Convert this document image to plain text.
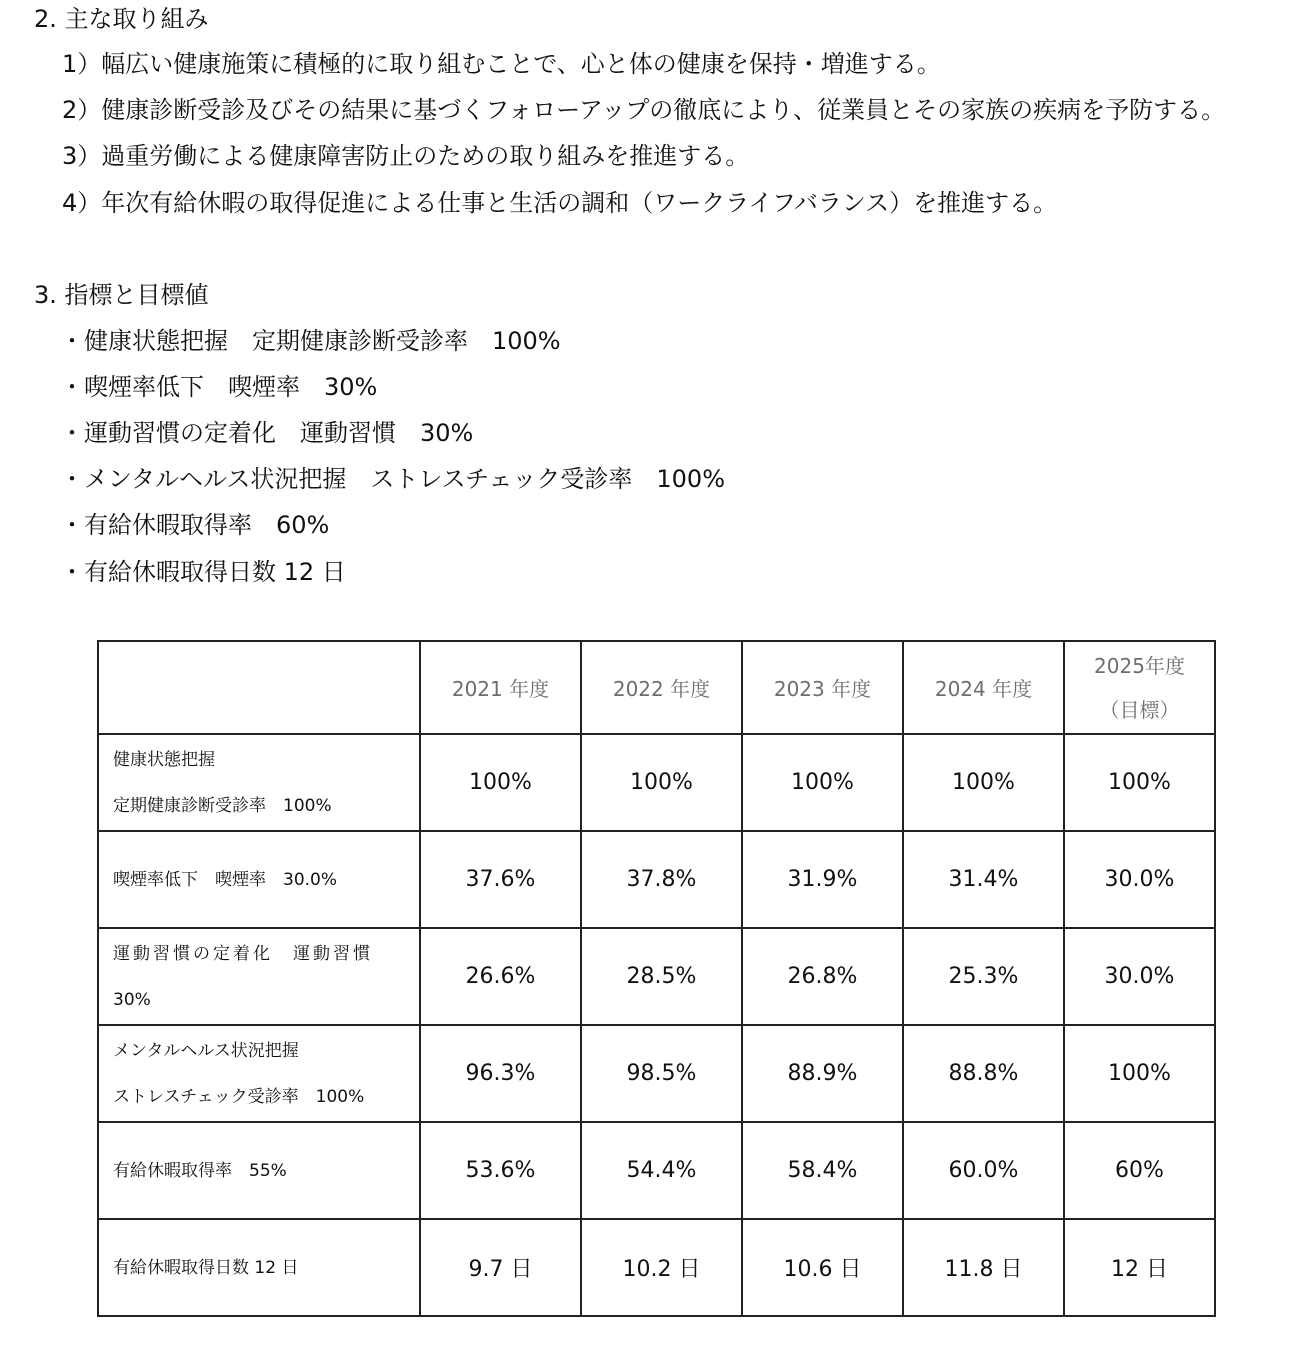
2. 主な取り組み
1）幅広い健康施策に積極的に取り組むことで、心と体の健康を保持・増進する。
2）健康診断受診及びその結果に基づくフォローアップの徹底により、従業員とその家族の疾病を予防する。
3）過重労働による健康障害防止のための取り組みを推進する。
4）年次有給休暇の取得促進による仕事と生活の調和（ワークライフバランス）を推進する。
3. 指標と目標値
・健康状態把握　定期健康診断受診率　100%
・喫煙率低下　喫煙率　30%
・運動習慣の定着化　運動習慣　30%
・メンタルヘルス状況把握　ストレスチェック受診率　100%
・有給休暇取得率　60%
・有給休暇取得日数 12 日
	2021 年度	2022 年度	2023 年度	2024 年度	2025年度
（目標）

健康状態把握
定期健康診断受診率　100%	100%	100%	100%	100%	100%

喫煙率低下　喫煙率　30.0%	37.6%	37.8%	31.9%	31.4%	30.0%

運動習慣の定着化　運動習慣
30%	26.6%	28.5%	26.8%	25.3%	30.0%

メンタルヘルス状況把握
ストレスチェック受診率　100%	96.3%	98.5%	88.9%	88.8%	100%

有給休暇取得率　55%	53.6%	54.4%	58.4%	60.0%	60%

有給休暇取得日数 12 日	9.7 日	10.2 日	10.6 日	11.8 日	12 日
